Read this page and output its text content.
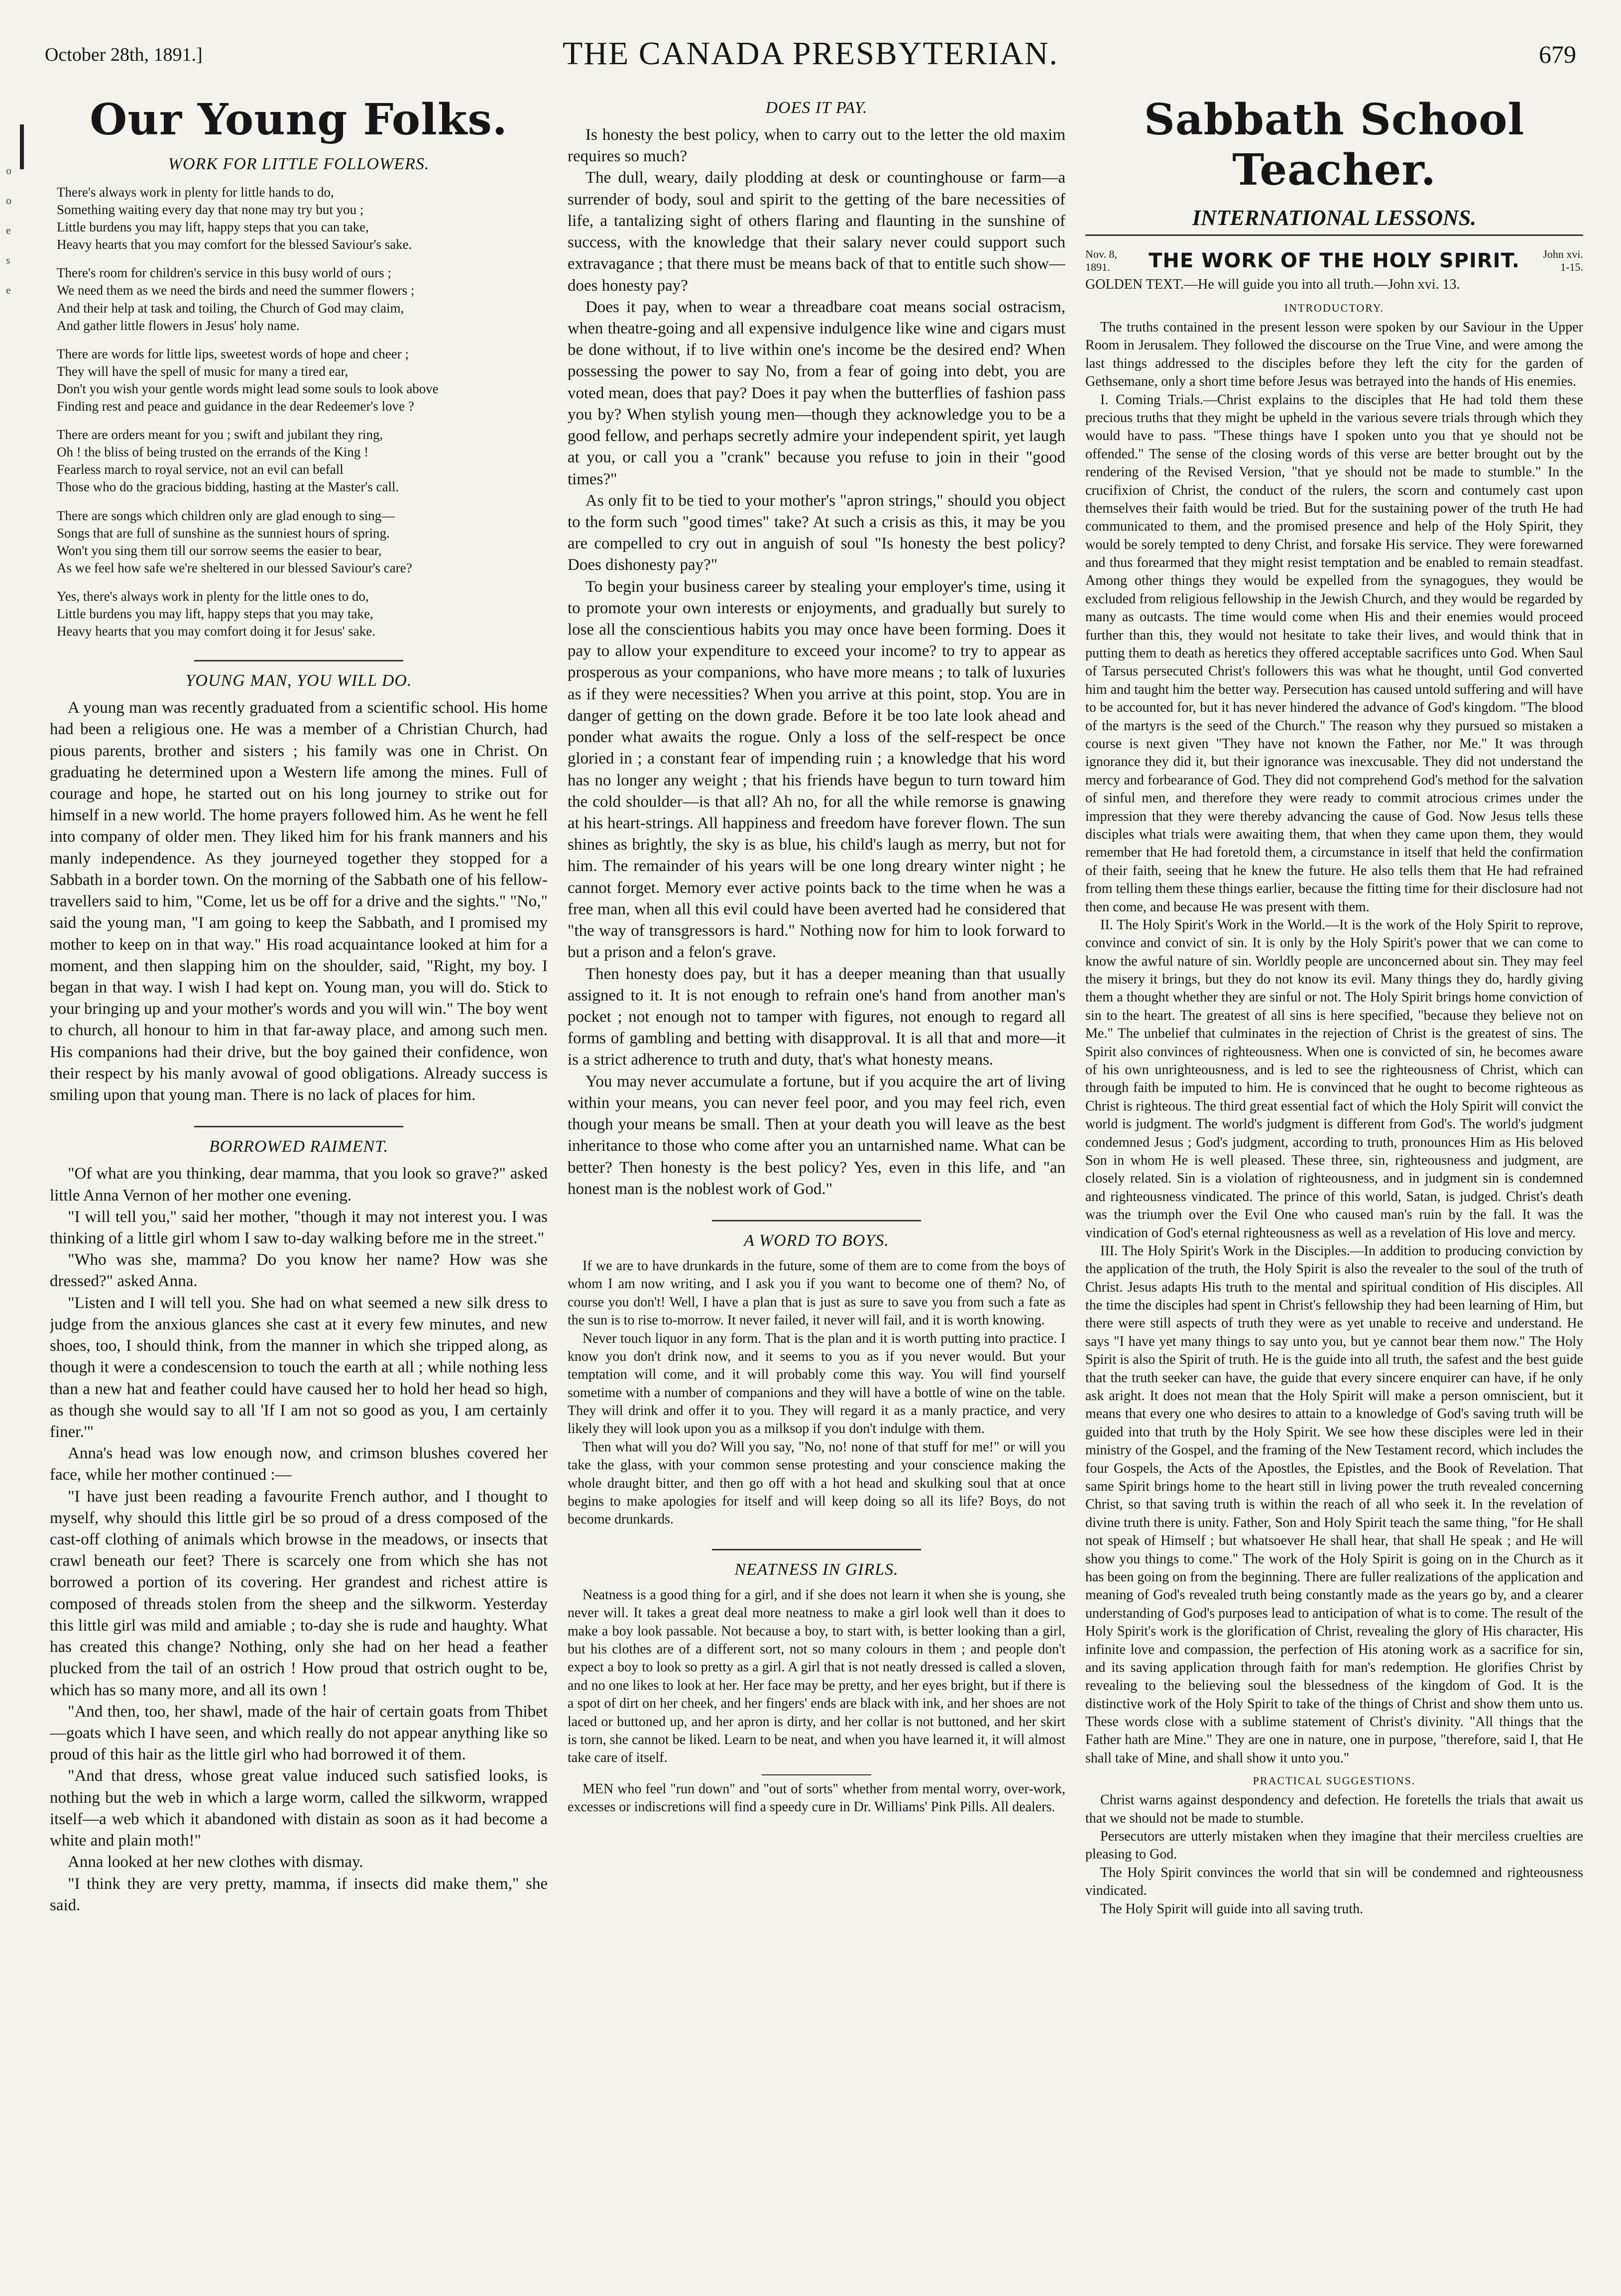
October 28th, 1891.]	THE CANADA PRESBYTERIAN.	679
o
o
e
s
e
Our Young Folks.
WORK FOR LITTLE FOLLOWERS.
There's always work in plenty for little hands to do,
Something waiting every day that none may try but you ;
Little burdens you may lift, happy steps that you can take,
Heavy hearts that you may comfort for the blessed Saviour's sake.
There's room for children's service in this busy world of ours ;
We need them as we need the birds and need the summer flowers ;
And their help at task and toiling, the Church of God may claim,
And gather little flowers in Jesus' holy name.
There are words for little lips, sweetest words of hope and cheer ;
They will have the spell of music for many a tired ear,
Don't you wish your gentle words might lead some souls to look above
Finding rest and peace and guidance in the dear Redeemer's love ?
There are orders meant for you ; swift and jubilant they ring,
Oh ! the bliss of being trusted on the errands of the King !
Fearless march to royal service, not an evil can befall
Those who do the gracious bidding, hasting at the Master's call.
There are songs which children only are glad enough to sing—
Songs that are full of sunshine as the sunniest hours of spring.
Won't you sing them till our sorrow seems the easier to bear,
As we feel how safe we're sheltered in our blessed Saviour's care?
Yes, there's always work in plenty for the little ones to do,
Little burdens you may lift, happy steps that you may take,
Heavy hearts that you may comfort doing it for Jesus' sake.
YOUNG MAN, YOU WILL DO.

A young man was recently graduated from a scientific school. His home had been a religious one. He was a member of a Christian Church, had pious parents, brother and sisters ; his family was one in Christ. On graduating he determined upon a Western life among the mines. Full of courage and hope, he started out on his long journey to strike out for himself in a new world. The home prayers followed him. As he went he fell into company of older men. They liked him for his frank manners and his manly independence. As they journeyed together they stopped for a Sabbath in a border town. On the morning of the Sabbath one of his fellow-travellers said to him, "Come, let us be off for a drive and the sights." "No," said the young man, "I am going to keep the Sabbath, and I promised my mother to keep on in that way." His road acquaintance looked at him for a moment, and then slapping him on the shoulder, said, "Right, my boy. I began in that way. I wish I had kept on. Young man, you will do. Stick to your bringing up and your mother's words and you will win." The boy went to church, all honour to him in that far-away place, and among such men. His companions had their drive, but the boy gained their confidence, won their respect by his manly avowal of good obligations. Already success is smiling upon that young man. There is no lack of places for him.

BORROWED RAIMENT.

"Of what are you thinking, dear mamma, that you look so grave?" asked little Anna Vernon of her mother one evening.

"I will tell you," said her mother, "though it may not interest you. I was thinking of a little girl whom I saw to-day walking before me in the street."

"Who was she, mamma? Do you know her name? How was she dressed?" asked Anna.

"Listen and I will tell you. She had on what seemed a new silk dress to judge from the anxious glances she cast at it every few minutes, and new shoes, too, I should think, from the manner in which she tripped along, as though it were a condescension to touch the earth at all ; while nothing less than a new hat and feather could have caused her to hold her head so high, as though she would say to all 'If I am not so good as you, I am certainly finer.'"

Anna's head was low enough now, and crimson blushes covered her face, while her mother continued :—

"I have just been reading a favourite French author, and I thought to myself, why should this little girl be so proud of a dress composed of the cast-off clothing of animals which browse in the meadows, or insects that crawl beneath our feet? There is scarcely one from which she has not borrowed a portion of its covering. Her grandest and richest attire is composed of threads stolen from the sheep and the silkworm. Yesterday this little girl was mild and amiable ; to-day she is rude and haughty. What has created this change? Nothing, only she had on her head a feather plucked from the tail of an ostrich ! How proud that ostrich ought to be, which has so many more, and all its own !

"And then, too, her shawl, made of the hair of certain goats from Thibet—goats which I have seen, and which really do not appear anything like so proud of this hair as the little girl who had borrowed it of them.

"And that dress, whose great value induced such satisfied looks, is nothing but the web in which a large worm, called the silkworm, wrapped itself—a web which it abandoned with distain as soon as it had become a white and plain moth!"

Anna looked at her new clothes with dismay.

"I think they are very pretty, mamma, if insects did make them," she said.

DOES IT PAY.

Is honesty the best policy, when to carry out to the letter the old maxim requires so much?

The dull, weary, daily plodding at desk or countinghouse or farm—a surrender of body, soul and spirit to the getting of the bare necessities of life, a tantalizing sight of others flaring and flaunting in the sunshine of success, with the knowledge that their salary never could support such extravagance ; that there must be means back of that to entitle such show—does honesty pay?

Does it pay, when to wear a threadbare coat means social ostracism, when theatre-going and all expensive indulgence like wine and cigars must be done without, if to live within one's income be the desired end? When possessing the power to say No, from a fear of going into debt, you are voted mean, does that pay? Does it pay when the butterflies of fashion pass you by? When stylish young men—though they acknowledge you to be a good fellow, and perhaps secretly admire your independent spirit, yet laugh at you, or call you a "crank" because you refuse to join in their "good times?"

As only fit to be tied to your mother's "apron strings," should you object to the form such "good times" take? At such a crisis as this, it may be you are compelled to cry out in anguish of soul "Is honesty the best policy? Does dishonesty pay?"

To begin your business career by stealing your employer's time, using it to promote your own interests or enjoyments, and gradually but surely to lose all the conscientious habits you may once have been forming. Does it pay to allow your expenditure to exceed your income? to try to appear as prosperous as your companions, who have more means ; to talk of luxuries as if they were necessities? When you arrive at this point, stop. You are in danger of getting on the down grade. Before it be too late look ahead and ponder what awaits the rogue. Only a loss of the self-respect be once gloried in ; a constant fear of impending ruin ; a knowledge that his word has no longer any weight ; that his friends have begun to turn toward him the cold shoulder—is that all? Ah no, for all the while remorse is gnawing at his heart-strings. All happiness and freedom have forever flown. The sun shines as brightly, the sky is as blue, his child's laugh as merry, but not for him. The remainder of his years will be one long dreary winter night ; he cannot forget. Memory ever active points back to the time when he was a free man, when all this evil could have been averted had he considered that "the way of transgressors is hard." Nothing now for him to look forward to but a prison and a felon's grave.

Then honesty does pay, but it has a deeper meaning than that usually assigned to it. It is not enough to refrain one's hand from another man's pocket ; not enough not to tamper with figures, not enough to regard all forms of gambling and betting with disapproval. It is all that and more—it is a strict adherence to truth and duty, that's what honesty means.

You may never accumulate a fortune, but if you acquire the art of living within your means, you can never feel poor, and you may feel rich, even though your means be small. Then at your death you will leave as the best inheritance to those who come after you an untarnished name. What can be better? Then honesty is the best policy? Yes, even in this life, and "an honest man is the noblest work of God."

A WORD TO BOYS.

If we are to have drunkards in the future, some of them are to come from the boys of whom I am now writing, and I ask you if you want to become one of them? No, of course you don't! Well, I have a plan that is just as sure to save you from such a fate as the sun is to rise to-morrow. It never failed, it never will fail, and it is worth knowing.

Never touch liquor in any form. That is the plan and it is worth putting into practice. I know you don't drink now, and it seems to you as if you never would. But your temptation will come, and it will probably come this way. You will find yourself sometime with a number of companions and they will have a bottle of wine on the table. They will drink and offer it to you. They will regard it as a manly practice, and very likely they will look upon you as a milksop if you don't indulge with them.

Then what will you do? Will you say, "No, no! none of that stuff for me!" or will you take the glass, with your common sense protesting and your conscience making the whole draught bitter, and then go off with a hot head and skulking soul that at once begins to make apologies for itself and will keep doing so all its life? Boys, do not become drunkards.

NEATNESS IN GIRLS.

Neatness is a good thing for a girl, and if she does not learn it when she is young, she never will. It takes a great deal more neatness to make a girl look well than it does to make a boy look passable. Not because a boy, to start with, is better looking than a girl, but his clothes are of a different sort, not so many colours in them ; and people don't expect a boy to look so pretty as a girl. A girl that is not neatly dressed is called a sloven, and no one likes to look at her. Her face may be pretty, and her eyes bright, but if there is a spot of dirt on her cheek, and her fingers' ends are black with ink, and her shoes are not laced or buttoned up, and her apron is dirty, and her collar is not buttoned, and her skirt is torn, she cannot be liked. Learn to be neat, and when you have learned it, it will almost take care of itself.

MEN who feel "run down" and "out of sorts" whether from mental worry, over-work, excesses or indiscretions will find a speedy cure in Dr. Williams' Pink Pills. All dealers.

Sabbath School Teacher.
INTERNATIONAL LESSONS.
Nov. 8, 1891.	THE WORK OF THE HOLY SPIRIT.	John xvi. 1-15.
GOLDEN TEXT.—He will guide you into all truth.—John xvi. 13.
INTRODUCTORY.

The truths contained in the present lesson were spoken by our Saviour in the Upper Room in Jerusalem. They followed the discourse on the True Vine, and were among the last things addressed to the disciples before they left the city for the garden of Gethsemane, only a short time before Jesus was betrayed into the hands of His enemies.

I. Coming Trials.—Christ explains to the disciples that He had told them these precious truths that they might be upheld in the various severe trials through which they would have to pass. "These things have I spoken unto you that ye should not be offended." The sense of the closing words of this verse are better brought out by the rendering of the Revised Version, "that ye should not be made to stumble." In the crucifixion of Christ, the conduct of the rulers, the scorn and contumely cast upon themselves their faith would be tried. But for the sustaining power of the truth He had communicated to them, and the promised presence and help of the Holy Spirit, they would be sorely tempted to deny Christ, and forsake His service. They were forewarned and thus forearmed that they might resist temptation and be enabled to remain steadfast. Among other things they would be expelled from the synagogues, they would be excluded from religious fellowship in the Jewish Church, and they would be regarded by many as outcasts. The time would come when His and their enemies would proceed further than this, they would not hesitate to take their lives, and would think that in putting them to death as heretics they offered acceptable sacrifices unto God. When Saul of Tarsus persecuted Christ's followers this was what he thought, until God converted him and taught him the better way. Persecution has caused untold suffering and will have to be accounted for, but it has never hindered the advance of God's kingdom. "The blood of the martyrs is the seed of the Church." The reason why they pursued so mistaken a course is next given "They have not known the Father, nor Me." It was through ignorance they did it, but their ignorance was inexcusable. They did not understand the mercy and forbearance of God. They did not comprehend God's method for the salvation of sinful men, and therefore they were ready to commit atrocious crimes under the impression that they were thereby advancing the cause of God. Now Jesus tells these disciples what trials were awaiting them, that when they came upon them, they would remember that He had foretold them, a circumstance in itself that held the confirmation of their faith, seeing that he knew the future. He also tells them that He had refrained from telling them these things earlier, because the fitting time for their disclosure had not then come, and because He was present with them.

II. The Holy Spirit's Work in the World.—It is the work of the Holy Spirit to reprove, convince and convict of sin. It is only by the Holy Spirit's power that we can come to know the awful nature of sin. Worldly people are unconcerned about sin. They may feel the misery it brings, but they do not know its evil. Many things they do, hardly giving them a thought whether they are sinful or not. The Holy Spirit brings home conviction of sin to the heart. The greatest of all sins is here specified, "because they believe not on Me." The unbelief that culminates in the rejection of Christ is the greatest of sins. The Spirit also convinces of righteousness. When one is convicted of sin, he becomes aware of his own unrighteousness, and is led to see the righteousness of Christ, which can through faith be imputed to him. He is convinced that he ought to become righteous as Christ is righteous. The third great essential fact of which the Holy Spirit will convict the world is judgment. The world's judgment is different from God's. The world's judgment condemned Jesus ; God's judgment, according to truth, pronounces Him as His beloved Son in whom He is well pleased. These three, sin, righteousness and judgment, are closely related. Sin is a violation of righteousness, and in judgment sin is condemned and righteousness vindicated. The prince of this world, Satan, is judged. Christ's death was the triumph over the Evil One who caused man's ruin by the fall. It was the vindication of God's eternal righteousness as well as a revelation of His love and mercy.

III. The Holy Spirit's Work in the Disciples.—In addition to producing conviction by the application of the truth, the Holy Spirit is also the revealer to the soul of the truth of Christ. Jesus adapts His truth to the mental and spiritual condition of His disciples. All the time the disciples had spent in Christ's fellowship they had been learning of Him, but there were still aspects of truth they were as yet unable to receive and understand. He says "I have yet many things to say unto you, but ye cannot bear them now." The Holy Spirit is also the Spirit of truth. He is the guide into all truth, the safest and the best guide that the truth seeker can have, the guide that every sincere enquirer can have, if he only ask aright. It does not mean that the Holy Spirit will make a person omniscient, but it means that every one who desires to attain to a knowledge of God's saving truth will be guided into that truth by the Holy Spirit. We see how these disciples were led in their ministry of the Gospel, and the framing of the New Testament record, which includes the four Gospels, the Acts of the Apostles, the Epistles, and the Book of Revelation. That same Spirit brings home to the heart still in living power the truth revealed concerning Christ, so that saving truth is within the reach of all who seek it. In the revelation of divine truth there is unity. Father, Son and Holy Spirit teach the same thing, "for He shall not speak of Himself ; but whatsoever He shall hear, that shall He speak ; and He will show you things to come." The work of the Holy Spirit is going on in the Church as it has been going on from the beginning. There are fuller realizations of the application and meaning of God's revealed truth being constantly made as the years go by, and a clearer understanding of God's purposes lead to anticipation of what is to come. The result of the Holy Spirit's work is the glorification of Christ, revealing the glory of His character, His infinite love and compassion, the perfection of His atoning work as a sacrifice for sin, and its saving application through faith for man's redemption. He glorifies Christ by revealing to the believing soul the blessedness of the kingdom of God. It is the distinctive work of the Holy Spirit to take of the things of Christ and show them unto us. These words close with a sublime statement of Christ's divinity. "All things that the Father hath are Mine." They are one in nature, one in purpose, "therefore, said I, that He shall take of Mine, and shall show it unto you."

PRACTICAL SUGGESTIONS.

Christ warns against despondency and defection. He foretells the trials that await us that we should not be made to stumble.

Persecutors are utterly mistaken when they imagine that their merciless cruelties are pleasing to God.

The Holy Spirit convinces the world that sin will be condemned and righteousness vindicated.

The Holy Spirit will guide into all saving truth.
